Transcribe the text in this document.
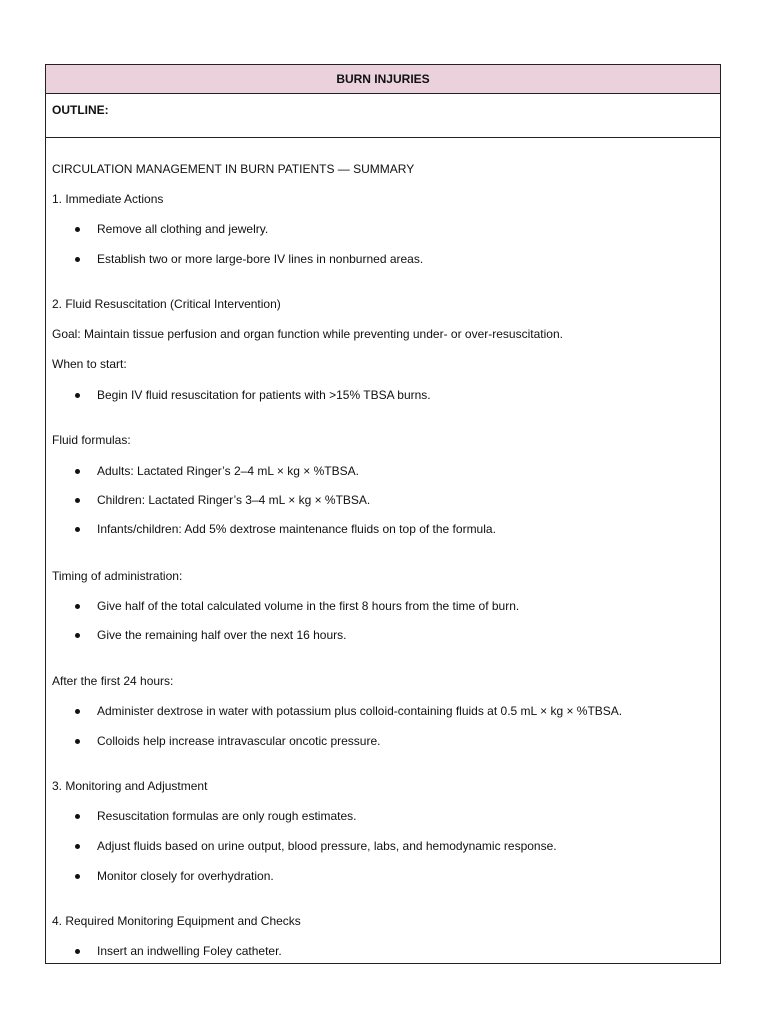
BURN INJURIES
OUTLINE:
CIRCULATION MANAGEMENT IN BURN PATIENTS — SUMMARY
1. Immediate Actions
Remove all clothing and jewelry.
Establish two or more large-bore IV lines in nonburned areas.
2. Fluid Resuscitation (Critical Intervention)
Goal: Maintain tissue perfusion and organ function while preventing under- or over-resuscitation.
When to start:
Begin IV fluid resuscitation for patients with >15% TBSA burns.
Fluid formulas:
Adults: Lactated Ringer’s 2–4 mL × kg × %TBSA.
Children: Lactated Ringer’s 3–4 mL × kg × %TBSA.
Infants/children: Add 5% dextrose maintenance fluids on top of the formula.
Timing of administration:
Give half of the total calculated volume in the first 8 hours from the time of burn.
Give the remaining half over the next 16 hours.
After the first 24 hours:
Administer dextrose in water with potassium plus colloid-containing fluids at 0.5 mL × kg × %TBSA.
Colloids help increase intravascular oncotic pressure.
3. Monitoring and Adjustment
Resuscitation formulas are only rough estimates.
Adjust fluids based on urine output, blood pressure, labs, and hemodynamic response.
Monitor closely for overhydration.
4. Required Monitoring Equipment and Checks
Insert an indwelling Foley catheter.
